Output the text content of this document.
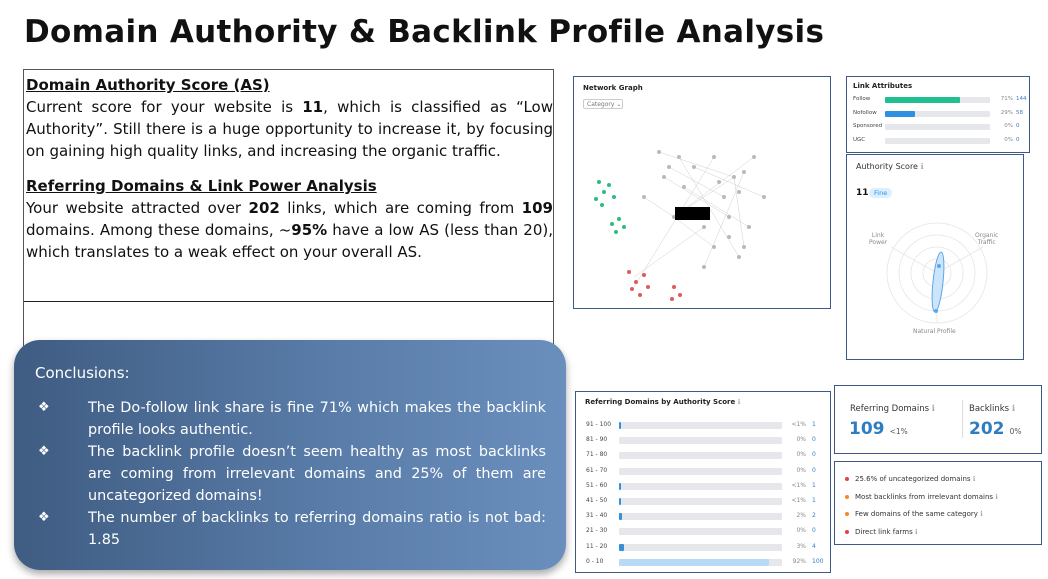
Domain Authority & Backlink Profile Analysis
Domain Authority Score (AS)

Current score for your website is 11, which is classified as “Low Authority”. Still there is a huge opportunity to increase it, by focusing on gaining high quality links, and increasing the organic traffic.

Referring Domains & Link Power Analysis

Your website attracted over 202 links, which are coming from 109 domains. Among these domains, ~95% have a low AS (less than 20), which translates to a weak effect on your overall AS.

Conclusions:
❖	The Do-follow link share is fine 71% which makes the backlink profile looks authentic.
❖	The backlink profile doesn’t seem healthy as most backlinks are coming from irrelevant domains and 25% of them are uncategorized domains!
❖	The number of backlinks to referring domains ratio is not bad: 1.85
Network Graph
Category ⌄
Link Attributes
Follow	71% 144
Nofollow	29% 58
Sponsored	0% 0
UGC	0% 0
Authority Score ℹ
11 Fine
Link
Power
Organic
Traffic
Natural Profile
Referring Domains by Authority Score ℹ
91 - 100	<1% 1
81 - 90	0% 0
71 - 80	0% 0
61 - 70	0% 0
51 - 60	<1% 1
41 - 50	<1% 1
31 - 40	2% 2
21 - 30	0% 0
11 - 20	3% 4
0 - 10	92% 100
Referring Domains ℹ
109 <1%
Backlinks ℹ
202 0%
25.6% of uncategorized domains ℹ
Most backlinks from irrelevant domains ℹ
Few domains of the same category ℹ
Direct link farms ℹ
